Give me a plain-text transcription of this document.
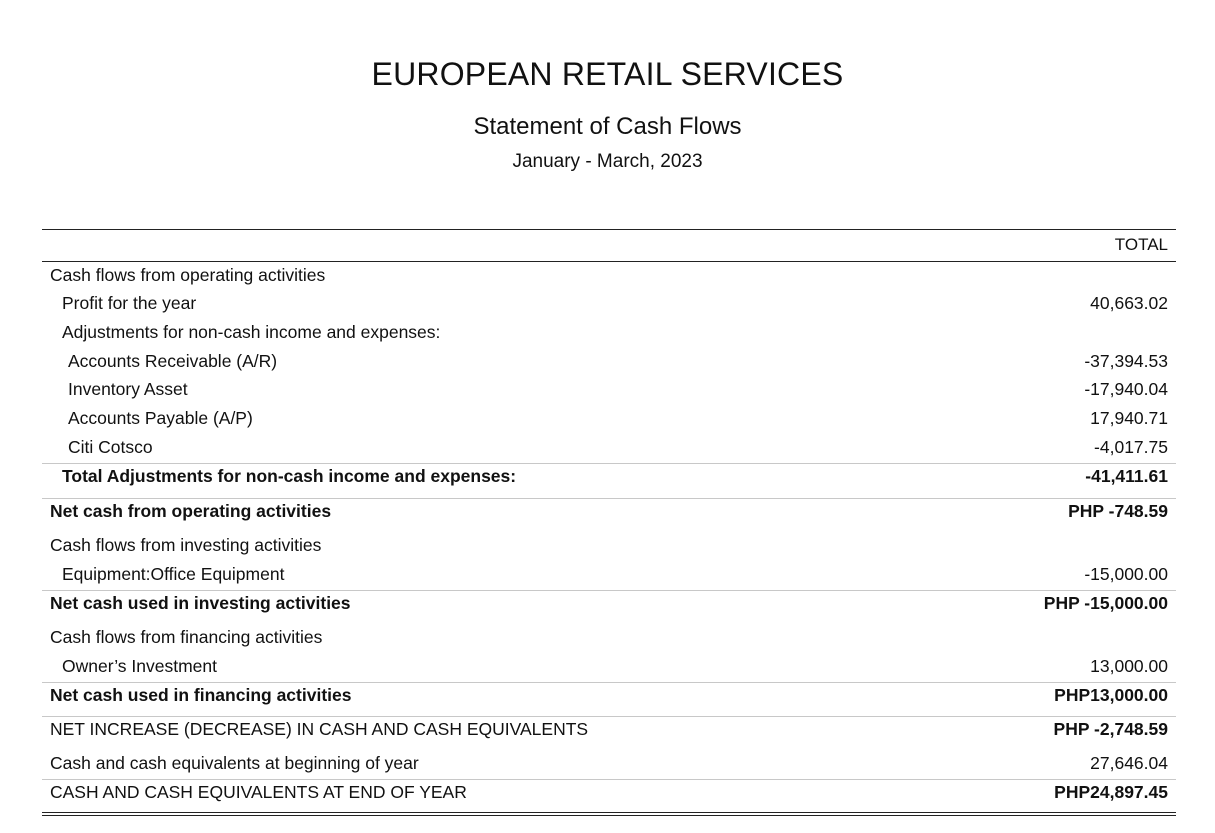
EUROPEAN RETAIL SERVICES
Statement of Cash Flows
January - March, 2023
TOTAL
Cash flows from operating activities
Profit for the year	40,663.02
Adjustments for non-cash income and expenses:
Accounts Receivable (A/R)	-37,394.53
Inventory Asset	-17,940.04
Accounts Payable (A/P)	17,940.71
Citi Cotsco	-4,017.75
Total Adjustments for non-cash income and expenses:	-41,411.61
Net cash from operating activities	PHP -748.59
Cash flows from investing activities
Equipment:Office Equipment	-15,000.00
Net cash used in investing activities	PHP -15,000.00
Cash flows from financing activities
Owner’s Investment	13,000.00
Net cash used in financing activities	PHP13,000.00
NET INCREASE (DECREASE) IN CASH AND CASH EQUIVALENTS	PHP -2,748.59
Cash and cash equivalents at beginning of year	27,646.04
CASH AND CASH EQUIVALENTS AT END OF YEAR	PHP24,897.45
